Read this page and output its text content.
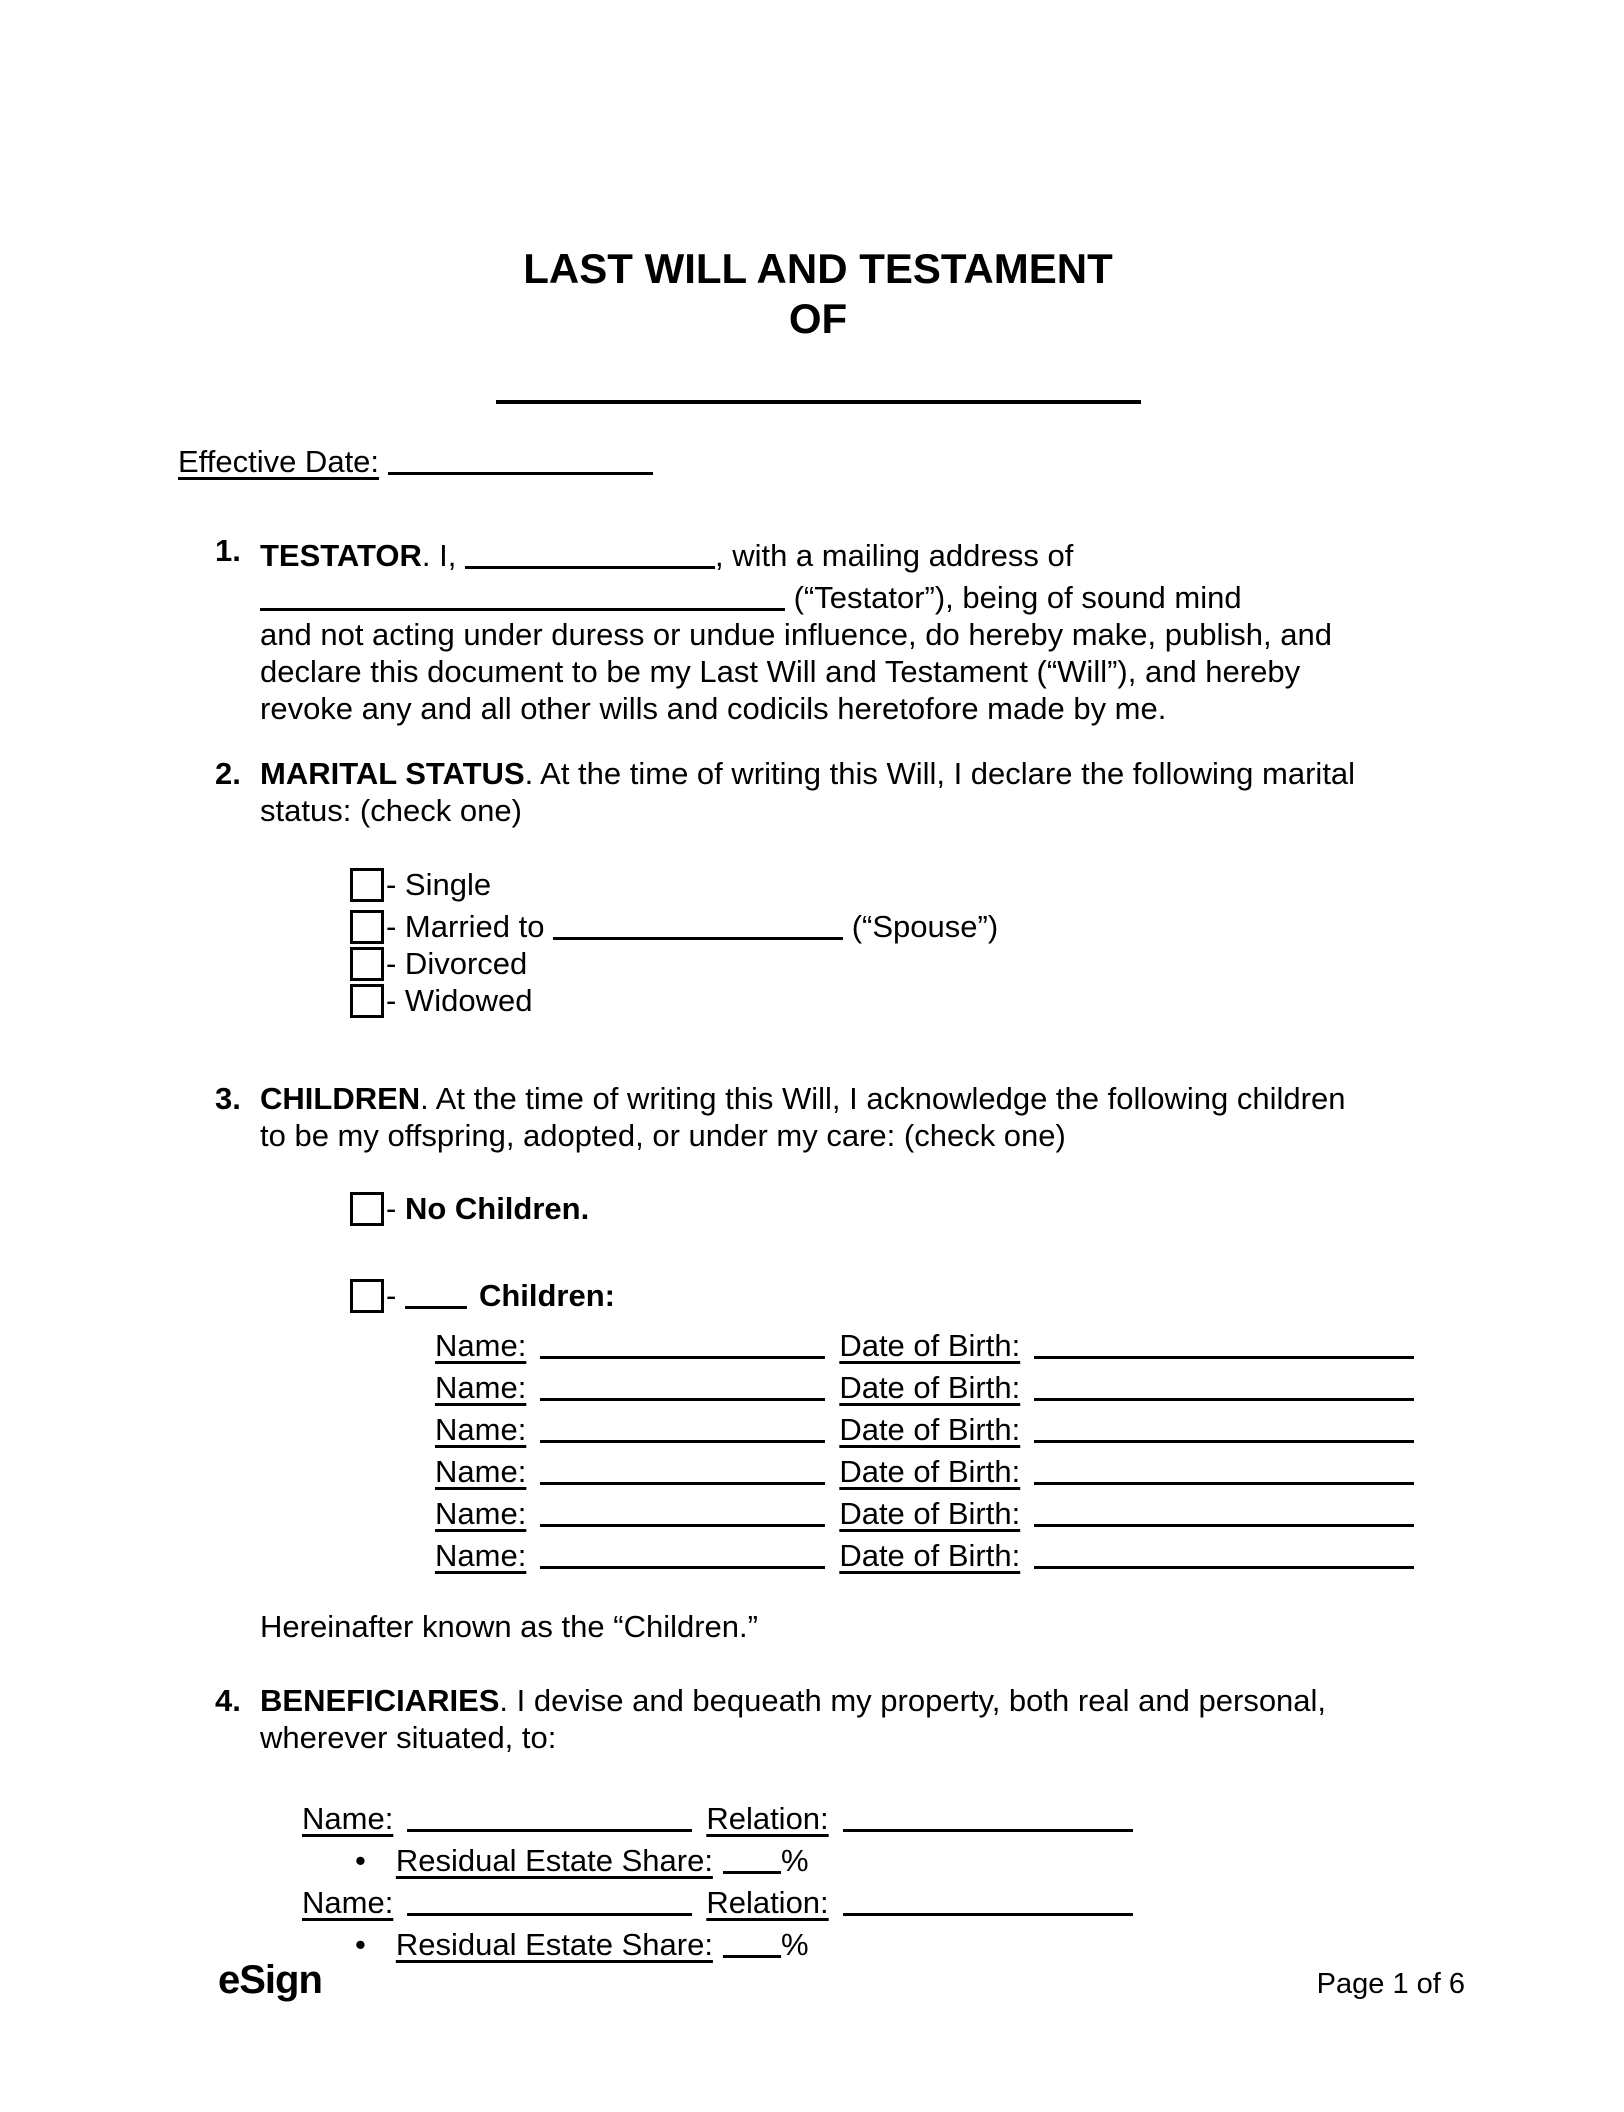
LAST WILL AND TESTAMENT
OF
Effective Date:
1. TESTATOR. I,	, with a mailing address of
(“Testator”), being of sound mind
and not acting under duress or undue influence, do hereby make, publish, and
declare this document to be my Last Will and Testament (“Will”), and hereby
revoke any and all other wills and codicils heretofore made by me.
2. MARITAL STATUS. At the time of writing this Will, I declare the following marital
status: (check one)
- Single
- Married to	(“Spouse”)
- Divorced
- Widowed
3. CHILDREN. At the time of writing this Will, I acknowledge the following children
to be my offspring, adopted, or under my care: (check one)
- No Children.
- Children:
Name:	Date of Birth:
Name:	Date of Birth:
Name:	Date of Birth:
Name:	Date of Birth:
Name:	Date of Birth:
Name:	Date of Birth:
Hereinafter known as the “Children.”
4. BENEFICIARIES. I devise and bequeath my property, both real and personal,
wherever situated, to:
Name:	Relation:
• Residual Estate Share: %
Name:	Relation:
• Residual Estate Share: %
eSign	Page 1 of 6
